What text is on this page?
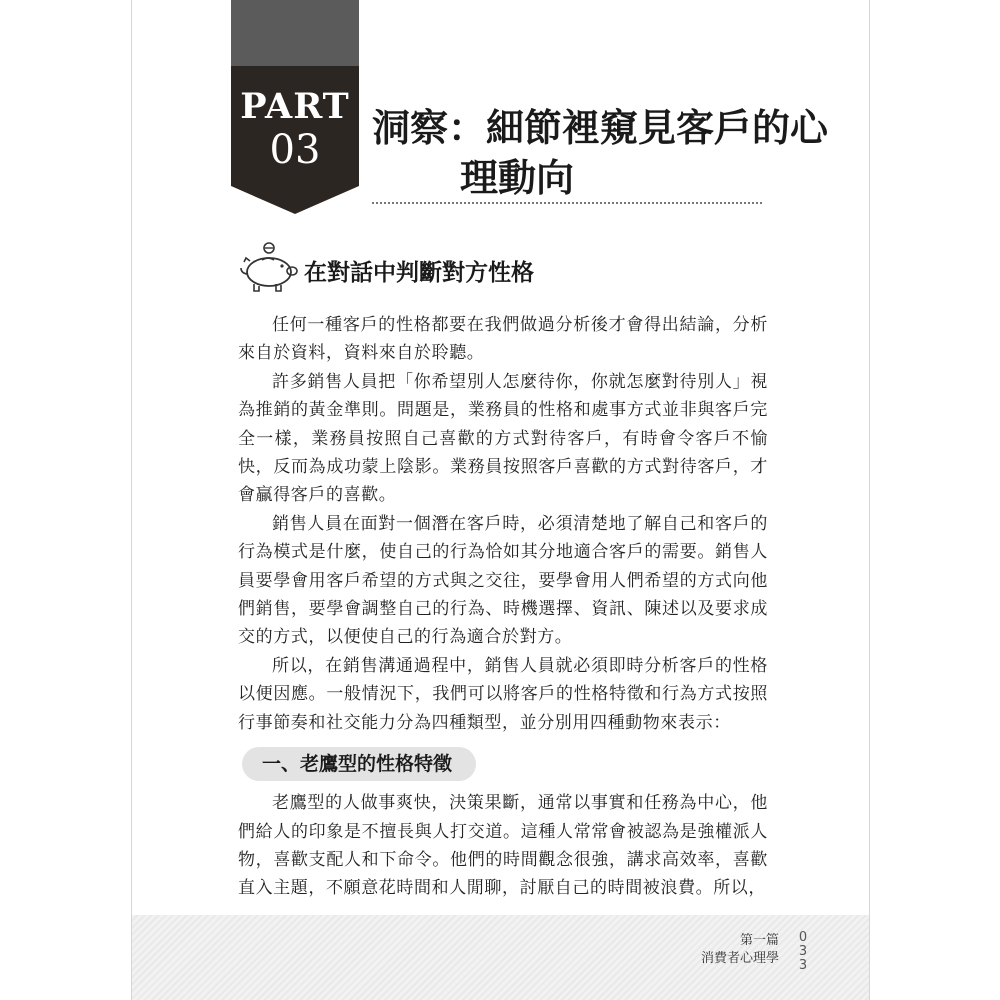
PART
03	洞察：細節裡窺見客戶的心
理動向
在對話中判斷對方性格

任何一種客戶的性格都要在我們做過分析後才會得出結論，分析來自於資料，資料來自於聆聽。

許多銷售人員把「你希望別人怎麼待你，你就怎麼對待別人」視為推銷的黃金準則。問題是，業務員的性格和處事方式並非與客戶完全一樣，業務員按照自己喜歡的方式對待客戶，有時會令客戶不愉快，反而為成功蒙上陰影。業務員按照客戶喜歡的方式對待客戶，才會贏得客戶的喜歡。

銷售人員在面對一個潛在客戶時，必須清楚地了解自己和客戶的行為模式是什麼，使自己的行為恰如其分地適合客戶的需要。銷售人員要學會用客戶希望的方式與之交往，要學會用人們希望的方式向他們銷售，要學會調整自己的行為、時機選擇、資訊、陳述以及要求成交的方式，以便使自己的行為適合於對方。

所以，在銷售溝通過程中，銷售人員就必須即時分析客戶的性格以便因應。一般情況下，我們可以將客戶的性格特徵和行為方式按照行事節奏和社交能力分為四種類型，並分別用四種動物來表示：

一、老鷹型的性格特徵

老鷹型的人做事爽快，決策果斷，通常以事實和任務為中心，他們給人的印象是不擅長與人打交道。這種人常常會被認為是強權派人物，喜歡支配人和下命令。他們的時間觀念很強，講求高效率，喜歡直入主題，不願意花時間和人閒聊，討厭自己的時間被浪費。所以，

第一篇
消費者心理學
0
3
3
